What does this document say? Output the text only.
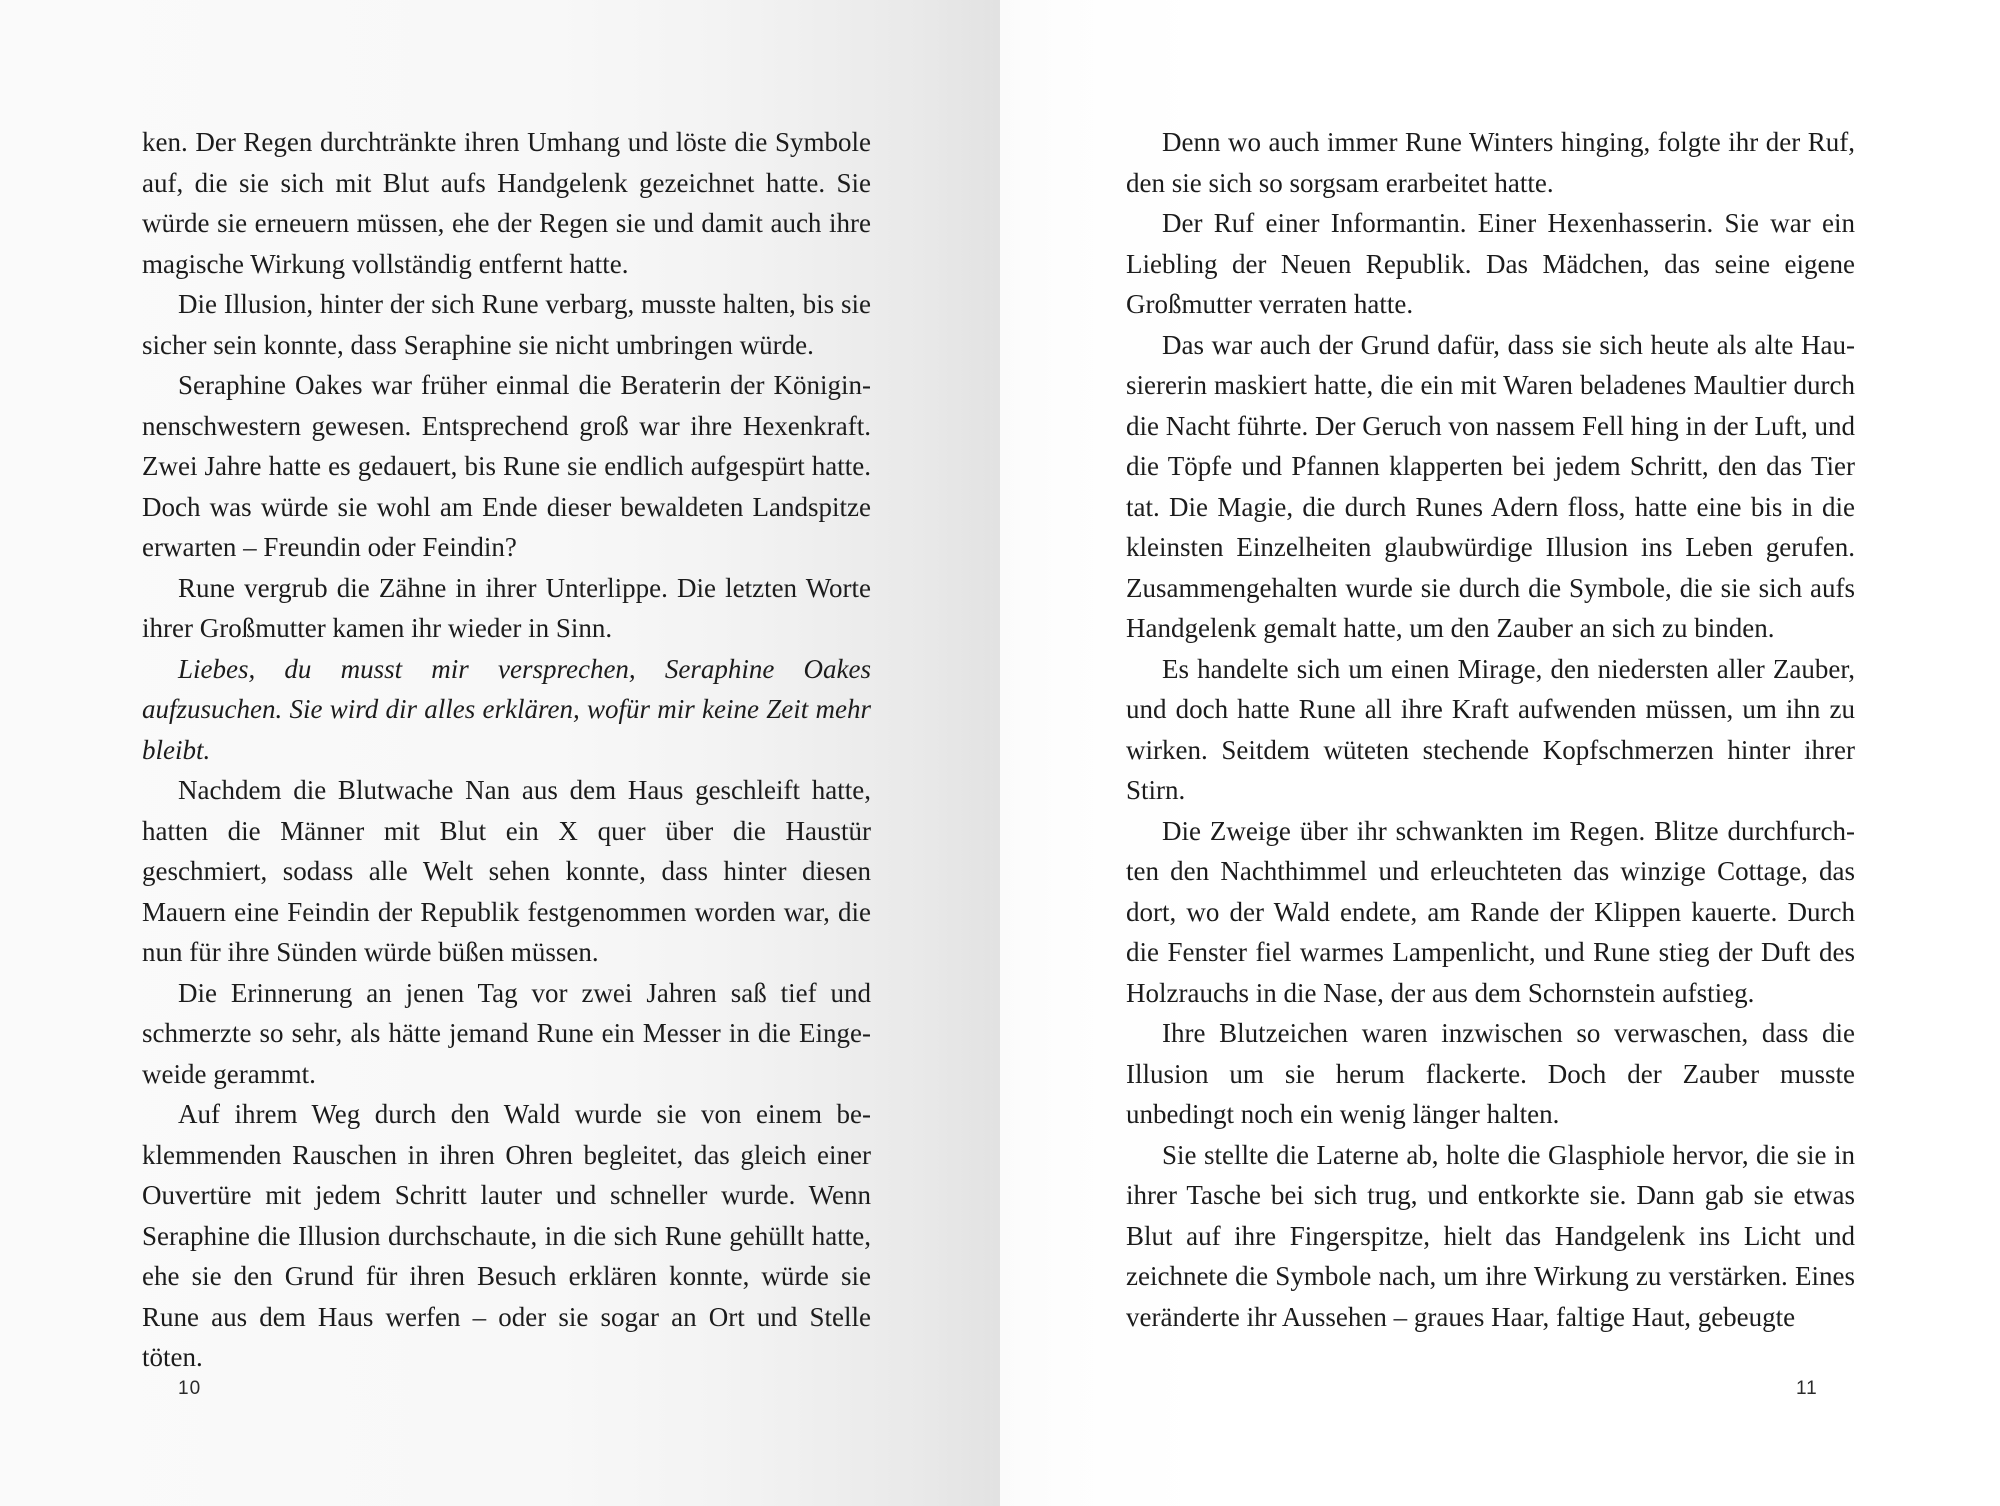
ken. Der Regen durchtränkte ihren Umhang und löste die Symbole auf, die sie sich mit Blut aufs Handgelenk gezeichnet hatte. Sie würde sie erneuern müssen, ehe der Regen sie und damit auch ihre magische Wirkung vollständig entfernt hatte.

Die Illusion, hinter der sich Rune verbarg, musste halten, bis sie sicher sein konnte, dass Seraphine sie nicht umbringen würde.

Seraphine Oakes war früher einmal die Beraterin der Königinnenschwestern gewesen. Entsprechend groß war ihre Hexenkraft. Zwei Jahre hatte es gedauert, bis Rune sie endlich aufgespürt hatte. Doch was würde sie wohl am Ende dieser bewaldeten Landspitze erwarten – Freundin oder Feindin?

Rune vergrub die Zähne in ihrer Unterlippe. Die letzten Worte ihrer Großmutter kamen ihr wieder in Sinn.

Liebes, du musst mir versprechen, Seraphine Oakes aufzusuchen. Sie wird dir alles erklären, wofür mir keine Zeit mehr bleibt.

Nachdem die Blutwache Nan aus dem Haus geschleift hatte, hatten die Männer mit Blut ein X quer über die Haustür geschmiert, sodass alle Welt sehen konnte, dass hinter diesen Mauern eine Feindin der Republik festgenommen worden war, die nun für ihre Sünden würde büßen müssen.

Die Erinnerung an jenen Tag vor zwei Jahren saß tief und schmerzte so sehr, als hätte jemand Rune ein Messer in die Eingeweide gerammt.

Auf ihrem Weg durch den Wald wurde sie von einem beklemmenden Rauschen in ihren Ohren begleitet, das gleich einer Ouvertüre mit jedem Schritt lauter und schneller wurde. Wenn Seraphine die Illusion durchschaute, in die sich Rune gehüllt hatte, ehe sie den Grund für ihren Besuch erklären konnte, würde sie Rune aus dem Haus werfen – oder sie sogar an Ort und Stelle töten.

10

Denn wo auch immer Rune Winters hinging, folgte ihr der Ruf, den sie sich so sorgsam erarbeitet hatte.

Der Ruf einer Informantin. Einer Hexenhasserin. Sie war ein Liebling der Neuen Republik. Das Mädchen, das seine eigene Großmutter verraten hatte.

Das war auch der Grund dafür, dass sie sich heute als alte Hausiererin maskiert hatte, die ein mit Waren beladenes Maultier durch die Nacht führte. Der Geruch von nassem Fell hing in der Luft, und die Töpfe und Pfannen klapperten bei jedem Schritt, den das Tier tat. Die Magie, die durch Runes Adern floss, hatte eine bis in die kleinsten Einzelheiten glaubwürdige Illusion ins Leben gerufen. Zusammengehalten wurde sie durch die Symbole, die sie sich aufs Handgelenk gemalt hatte, um den Zauber an sich zu binden.

Es handelte sich um einen Mirage, den niedersten aller Zauber, und doch hatte Rune all ihre Kraft aufwenden müssen, um ihn zu wirken. Seitdem wüteten stechende Kopfschmerzen hinter ihrer Stirn.

Die Zweige über ihr schwankten im Regen. Blitze durchfurchten den Nachthimmel und erleuchteten das winzige Cottage, das dort, wo der Wald endete, am Rande der Klippen kauerte. Durch die Fenster fiel warmes Lampenlicht, und Rune stieg der Duft des Holzrauchs in die Nase, der aus dem Schornstein aufstieg.

Ihre Blutzeichen waren inzwischen so verwaschen, dass die Illusion um sie herum flackerte. Doch der Zauber musste unbedingt noch ein wenig länger halten.

Sie stellte die Laterne ab, holte die Glasphiole hervor, die sie in ihrer Tasche bei sich trug, und entkorkte sie. Dann gab sie etwas Blut auf ihre Fingerspitze, hielt das Handgelenk ins Licht und zeichnete die Symbole nach, um ihre Wirkung zu verstärken. Eines veränderte ihr Aussehen – graues Haar, faltige Haut, gebeugte

11
